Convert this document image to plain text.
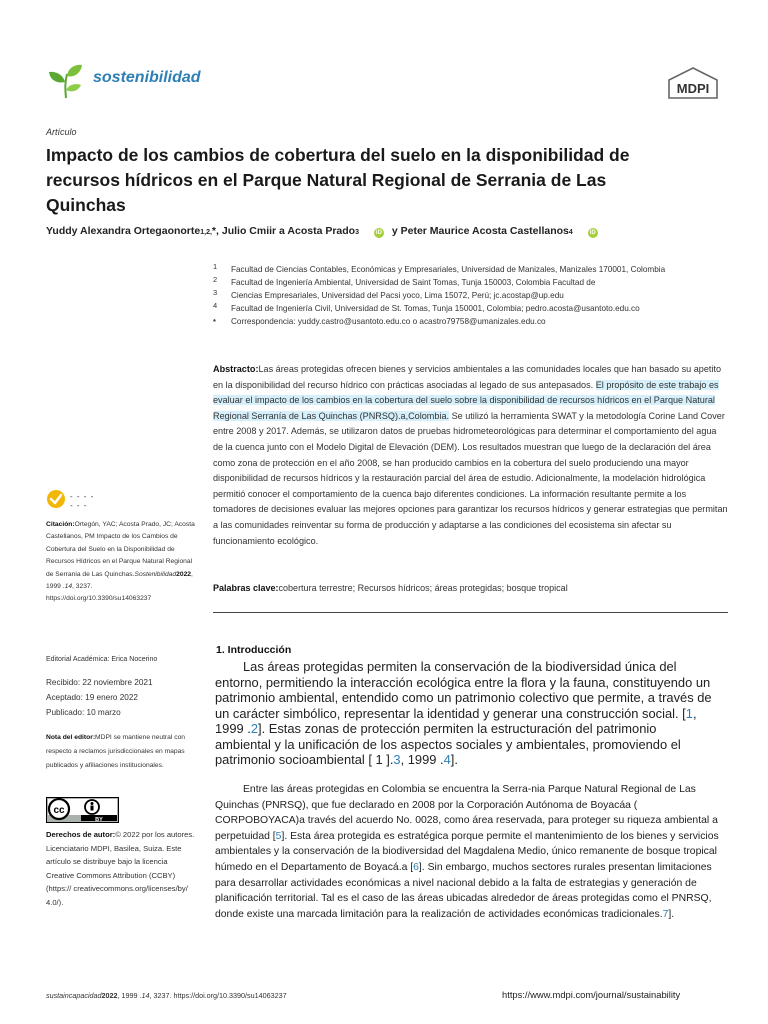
sostenibilidad
MDPI
Artículo
Impacto de los cambios de cobertura del suelo en la disponibilidad de recursos hídricos en el Parque Natural Regional de Serrania de Las Quinchas
Yuddy Alexandra Ortegaonorte1,2,*, Julio Cmiir a Acosta Prado3	iD y Peter Maurice Acosta Castellanos4	iD
1	Facultad de Ciencias Contables, Económicas y Empresariales, Universidad de Manizales, Manizales 170001, Colombia
2	Facultad de Ingeniería Ambiental, Universidad de Saint Tomas, Tunja 150003, Colombia Facultad de
3	Ciencias Empresariales, Universidad del Pacsi yoco, Lima 15072, Perú; jc.acostap@up.edu
4	Facultad de Ingeniería Civil, Universidad de St. Tomas, Tunja 150001, Colombia; pedro.acosta@usantoto.edu.co
*	Correspondencia: yuddy.castro@usantoto.edu.co o acastro79758@umanizales.edu.co
Abstracto:Las áreas protegidas ofrecen bienes y servicios ambientales a las comunidades locales que han basado su apetito en la disponibilidad del recurso hídrico con prácticas asociadas al legado de sus antepasados. El propósito de este trabajo es evaluar el impacto de los cambios en la cobertura del suelo sobre la disponibilidad de recursos hídricos en el Parque Natural Regional Serranía de Las Quinchas (PNRSQ).a,Colombia. Se utilizó la herramienta SWAT y la metodología Corine Land Cover entre 2008 y 2017. Además, se utilizaron datos de pruebas hidrometeorológicas para determinar el comportamiento del agua de la cuenca junto con el Modelo Digital de Elevación (DEM). Los resultados muestran que luego de la declaración del área como zona de protección en el año 2008, se han producido cambios en la cobertura del suelo produciendo una mayor disponibilidad de recursos hídricos y la restauración parcial del área de estudio. Adicionalmente, la modelación hidrológica permitió conocer el comportamiento de la cuenca bajo diferentes condiciones. La información resultante permite a los tomadores de decisiones evaluar las mejores opciones para garantizar los recursos hídricos y generar estrategias que permitan a las comunidades reinventar su forma de producción y adaptarse a las condiciones del ecosistema sin afectar su funcionamiento ecológico.
Palabras clave:cobertura terrestre; Recursos hídricos; áreas protegidas; bosque tropical
1. Introducción
Las áreas protegidas permiten la conservación de la biodiversidad única del entorno, permitiendo la interacción ecológica entre la flora y la fauna, constituyendo un patrimonio ambiental, entendido como un patrimonio colectivo que permite, a través de un carácter simbólico, representar la identidad y generar una construcción social. [1, 1999 .2]. Estas zonas de protección permiten la estructuración del patrimonio ambiental y la unificación de los aspectos sociales y ambientales, promoviendo el patrimonio socioambiental [ 1 ].3, 1999 .4].
Entre las áreas protegidas en Colombia se encuentra la Serra-nia Parque Natural Regional de Las Quinchas (PNRSQ), que fue declarado en 2008 por la Corporación Autónoma de Boyacáa ( CORPOBOYACA)a través del acuerdo No. 0028, como área reservada, para proteger su riqueza ambiental a perpetuidad [5]. Esta área protegida es estratégica porque permite el mantenimiento de los bienes y servicios ambientales y la conservación de la biodiversidad del Magdalena Medio, único remanente de bosque tropical húmedo en el Departamento de Boyacá.a [6]. Sin embargo, muchos sectores rurales presentan limitaciones para desarrollar actividades económicas a nivel nacional debido a la falta de estrategias y generación de planificación territorial. Tal es el caso de las áreas ubicadas alrededor de áreas protegidas como el PNRSQ, donde existe una marcada limitación para la realización de actividades económicas tradicionales.7].
- - - -
- - -
Citación:Ortegón, YAC; Acosta Prado, JC; Acosta Castellanos, PM Impacto de los Cambios de Cobertura del Suelo en la Disponibilidad de Recursos Hídricos en el Parque Natural Regional de Serrania de Las Quinchas.Sostenibilidad2022, 1999 .14, 3237. https://doi.org/10.3390/su14063237
Editorial Académica: Erica Nocerino
Recibido: 22 noviembre 2021
Aceptado: 19 enero 2022
Publicado: 10 marzo
Nota del editor:MDPI se mantiene neutral con respecto a reclamos jurisdiccionales en mapas publicados y afiliaciones institucionales.
cc
BY
Derechos de autor:© 2022 por los autores. Licenciatario MDPI, Basilea, Suiza. Este artículo se distribuye bajo la licencia Creative Commons Attribution (CCBY) (https:// creativecommons.org/licenses/by/ 4.0/).
sustaincapacidad2022, 1999 .14, 3237. https://doi.org/10.3390/su14063237	https://www.mdpi.com/journal/sustainability
